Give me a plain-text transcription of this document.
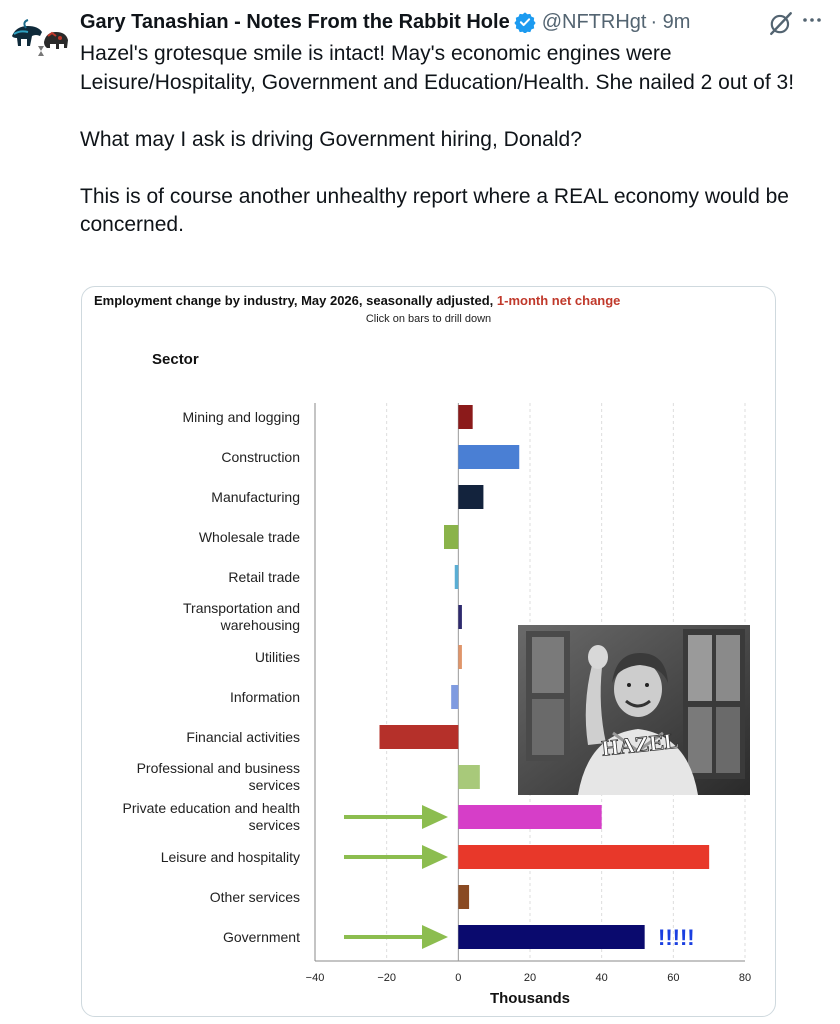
Gary Tanashian - Notes From the Rabbit Hole @NFTRHgt · 9m

Hazel's grotesque smile is intact! May's economic engines were Leisure/Hospitality, Government and Education/Health. She nailed 2 out of 3!

What may I ask is driving Government hiring, Donald?

This is of course another unhealthy report where a REAL economy would be concerned.

Employment change by industry, May 2026, seasonally adjusted, 1-month net change
Click on bars to drill down
Sector
−40	−20	0	20	40	60	80
Thousands
Mining and logging
Construction
Manufacturing
Wholesale trade
Retail trade
Transportation and warehousing
Utilities
Information
Financial activities
Professional and business services
Private education and health services
Leisure and hospitality
Other services
Government	!!!!!
HAZEL
